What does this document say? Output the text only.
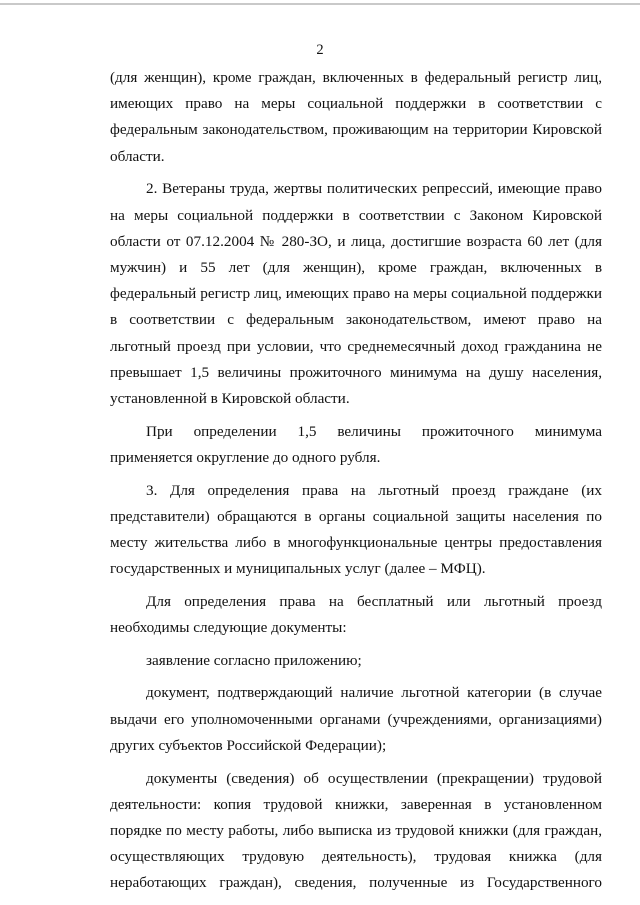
2

(для женщин), кроме граждан, включенных в федеральный регистр лиц, имеющих право на меры социальной поддержки в соответствии с федеральным законодательством, проживающим на территории Кировской области.

2. Ветераны труда, жертвы политических репрессий, имеющие право на меры социальной поддержки в соответствии с Законом Кировской области от 07.12.2004 № 280-ЗО, и лица, достигшие возраста 60 лет (для мужчин) и 55 лет (для женщин), кроме граждан, включенных в федеральный регистр лиц, имеющих право на меры социальной поддержки в соответствии с федеральным законодательством, имеют право на льготный проезд при условии, что среднемесячный доход гражданина не превышает 1,5 величины прожиточного минимума на душу населения, установленной в Кировской области.

При определении 1,5 величины прожиточного минимума применяется округление до одного рубля.

3. Для определения права на льготный проезд граждане (их представители) обращаются в органы социальной защиты населения по месту жительства либо в многофункциональные центры предоставления государственных и муниципальных услуг (далее – МФЦ).

Для определения права на бесплатный или льготный проезд необходимы следующие документы:

заявление согласно приложению;

документ, подтверждающий наличие льготной категории (в случае выдачи его уполномоченными органами (учреждениями, организациями) других субъектов Российской Федерации);

документы (сведения) об осуществлении (прекращении) трудовой деятельности: копия трудовой книжки, заверенная в установленном порядке по месту работы, либо выписка из трудовой книжки (для граждан, осуществляющих трудовую деятельность), трудовая книжка (для неработающих граждан), сведения, полученные из Государственного
